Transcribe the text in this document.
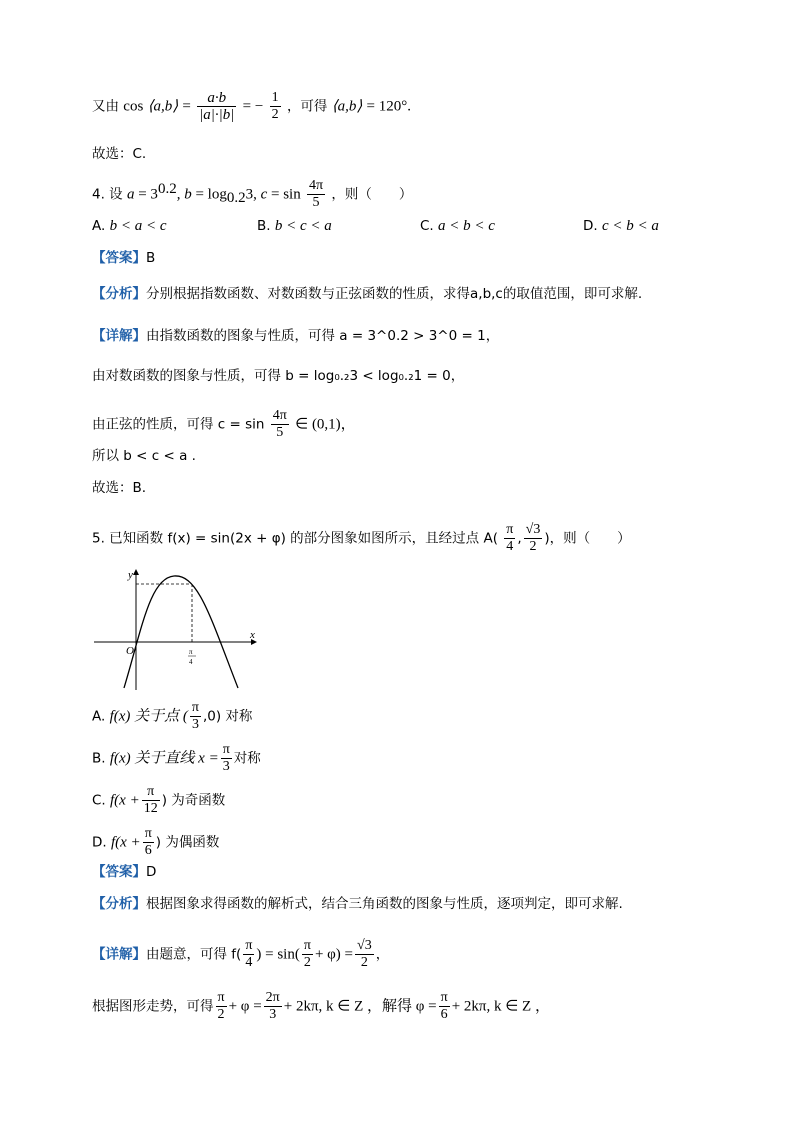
又由 cos ⟨a,b⟩ = $\frac{a\cdot b}{|a|\cdot|b|}$ = − $\frac{1}{2}$ ，可得 ⟨a,b⟩ = 120°.
故选：C.
4. 设 $a = 3^{0.2}$, $b = \log_{0.2}3$, $c = \sin \frac{4\pi}{5}$ ，则（　　）
A. b < a < c	B. b < c < a	C. a < b < c	D. c < b < a
【答案】B
【分析】分别根据指数函数、对数函数与正弦函数的性质，求得a,b,c的取值范围，即可求解.
【详解】由指数函数的图象与性质，可得 a = 3^0.2 > 3^0 = 1，
由对数函数的图象与性质，可得 b = log₀.₂3 < log₀.₂1 = 0，
由正弦的性质，可得 $c = \sin \frac{4\pi}{5}$ ∈ (0,1)，
所以 b < c < a .
故选：B.
5. 已知函数 f(x) = sin(2x + φ) 的部分图象如图所示，且经过点 $A( \frac{\pi}{4}$ , $\frac{√3}{2}$ )，则（　　）
y
x
O	π
4
A. f(x) 关于点 ( $\frac{\pi}{3} ,0$) 对称
B. f(x) 关于直线 $x = \frac{\pi}{3}$ 对称
C. $f(x + \frac{\pi}{12}$ ) 为奇函数
D. $f(x + \frac{\pi}{6}$ ) 为偶函数
【答案】D
【分析】根据图象求得函数的解析式，结合三角函数的图象与性质，逐项判定，即可求解.
【详解】由题意，可得 $f( \frac{\pi}{4}$ ) = $\sin( \frac{\pi}{2} + \varphi) = \frac{√3}{2}$ ，
根据图形走势，可得 $\frac{\pi}{2} + \varphi = \frac{2\pi}{3} + 2k\pi$, k ∈ Z ，解得 $\varphi = \frac{\pi}{6} + 2k\pi$, k ∈ Z ，
